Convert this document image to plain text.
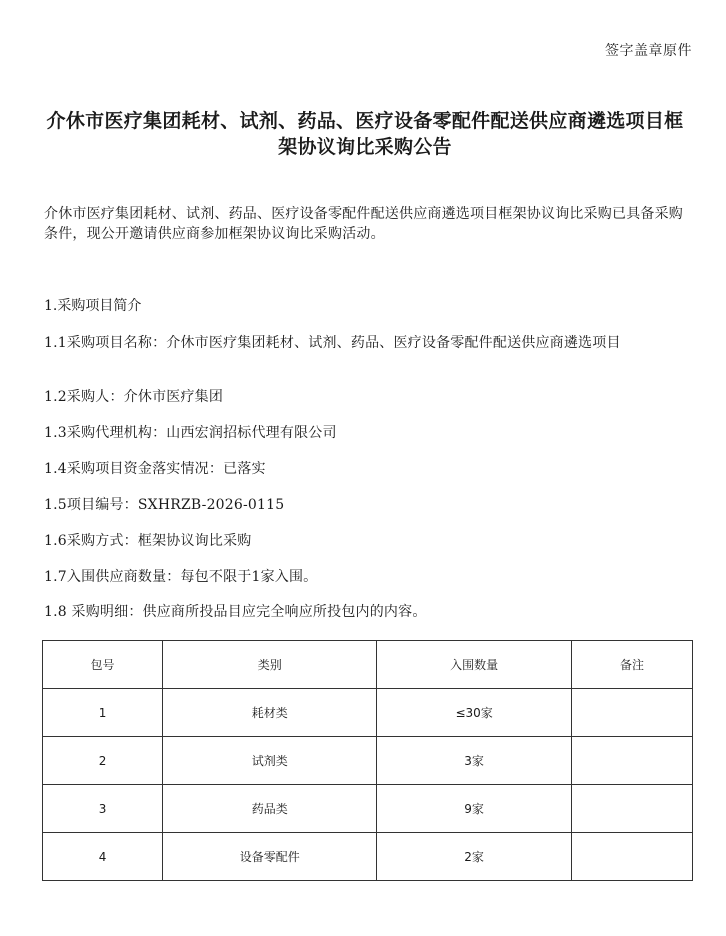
签字盖章原件
介休市医疗集团耗材、试剂、药品、医疗设备零配件配送供应商遴选项目框架协议询比采购公告
介休市医疗集团耗材、试剂、药品、医疗设备零配件配送供应商遴选项目框架协议询比采购已具备采购条件，现公开邀请供应商参加框架协议询比采购活动。
1.采购项目简介
1.1采购项目名称：介休市医疗集团耗材、试剂、药品、医疗设备零配件配送供应商遴选项目
1.2采购人：介休市医疗集团
1.3采购代理机构：山西宏润招标代理有限公司
1.4采购项目资金落实情况：已落实
1.5项目编号：SXHRZB-2026-0115
1.6采购方式：框架协议询比采购
1.7入围供应商数量：每包不限于1家入围。
1.8 采购明细：供应商所投品目应完全响应所投包内的内容。
包号	类别	入围数量	备注
1	耗材类	≤30家	
2	试剂类	3家	
3	药品类	9家	
4	设备零配件	2家	
